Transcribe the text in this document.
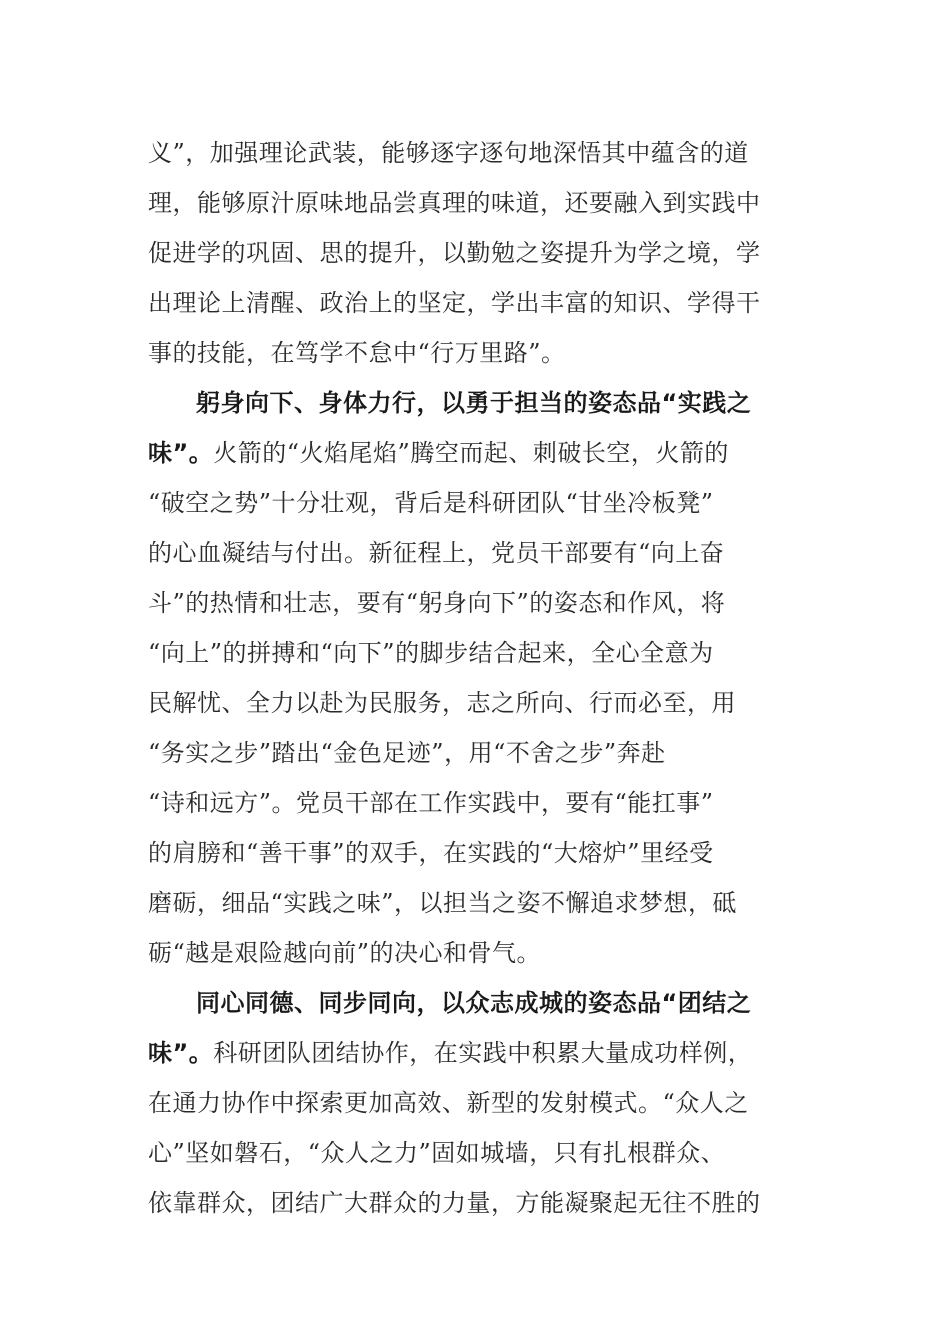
义”，加强理论武装，能够逐字逐句地深悟其中蕴含的道
理，能够原汁原味地品尝真理的味道，还要融入到实践中
促进学的巩固、思的提升，以勤勉之姿提升为学之境，学
出理论上清醒、政治上的坚定，学出丰富的知识、学得干
事的技能，在笃学不怠中“行万里路”。
躬身向下、身体力行，以勇于担当的姿态品“实践之
味”。火箭的“火焰尾焰”腾空而起、刺破长空，火箭的
“破空之势”十分壮观，背后是科研团队“甘坐冷板凳”
的心血凝结与付出。新征程上，党员干部要有“向上奋
斗”的热情和壮志，要有“躬身向下”的姿态和作风，将
“向上”的拼搏和“向下”的脚步结合起来，全心全意为
民解忧、全力以赴为民服务，志之所向、行而必至，用
“务实之步”踏出“金色足迹”，用“不舍之步”奔赴
“诗和远方”。党员干部在工作实践中，要有“能扛事”
的肩膀和“善干事”的双手，在实践的“大熔炉”里经受
磨砺，细品“实践之味”，以担当之姿不懈追求梦想，砥
砺“越是艰险越向前”的决心和骨气。
同心同德、同步同向，以众志成城的姿态品“团结之
味”。科研团队团结协作，在实践中积累大量成功样例，
在通力协作中探索更加高效、新型的发射模式。“众人之
心”坚如磐石，“众人之力”固如城墙，只有扎根群众、
依靠群众，团结广大群众的力量，方能凝聚起无往不胜的
